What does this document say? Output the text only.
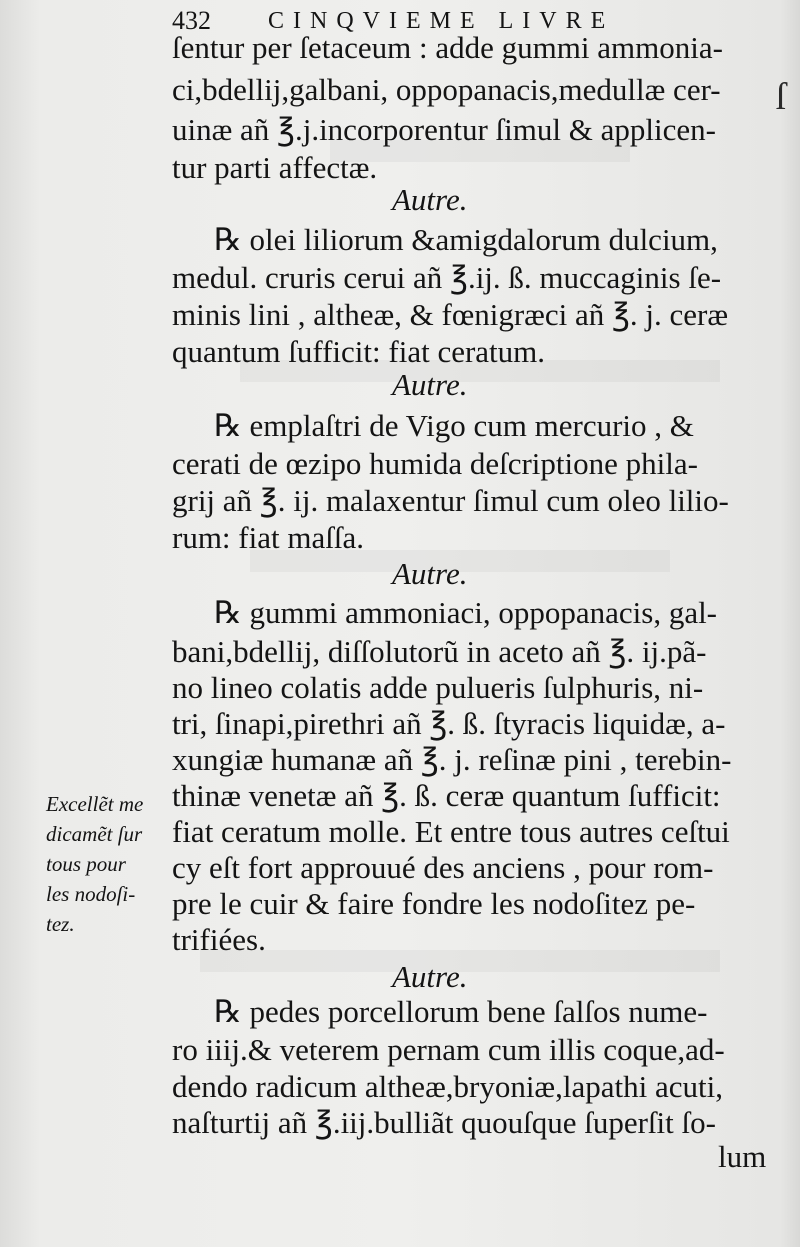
432 CINQVIEME LIVRE
ſentur per ſetaceum : adde gummi ammonia-
ci,bdellij,galbani, oppopanacis,medullæ cer-
uinæ añ ℥.j.incorporentur ſimul & applicen-
tur parti affectæ.
Autre.
℞ olei liliorum &amigdalorum dulcium,
medul. cruris cerui añ ℥.ij. ß. muccaginis ſe-
minis lini , altheæ, & fœnigræci añ ℥. j. ceræ
quantum ſufficit: fiat ceratum.
Autre.
℞ emplaſtri de Vigo cum mercurio , &
cerati de œzipo humida deſcriptione phila-
grij añ ℥. ij. malaxentur ſimul cum oleo lilio-
rum: fiat maſſa.
Autre.
℞ gummi ammoniaci, oppopanacis, gal-
bani,bdellij, diſſolutorũ in aceto añ ℥. ij.pã-
no lineo colatis adde pulueris ſulphuris, ni-
tri, ſinapi,pirethri añ ℥. ß. ſtyracis liquidæ, a-
xungiæ humanæ añ ℥. j. reſinæ pini , terebin-
thinæ venetæ añ ℥. ß. ceræ quantum ſufficit:
fiat ceratum molle. Et entre tous autres ceſtui
cy eſt fort approuué des anciens , pour rom-
pre le cuir & faire fondre les nodoſitez pe-
trifiées.
Autre.
℞ pedes porcellorum bene ſalſos nume-
ro iiij.& veterem pernam cum illis coque,ad-
dendo radicum altheæ,bryoniæ,lapathi acuti,
naſturtij añ ℥.iij.bulliãt quouſque ſuperſit ſo-
lum
Excellẽt me
dicamẽt ſur
tous pour
les nodoſi-
tez.
ſ
